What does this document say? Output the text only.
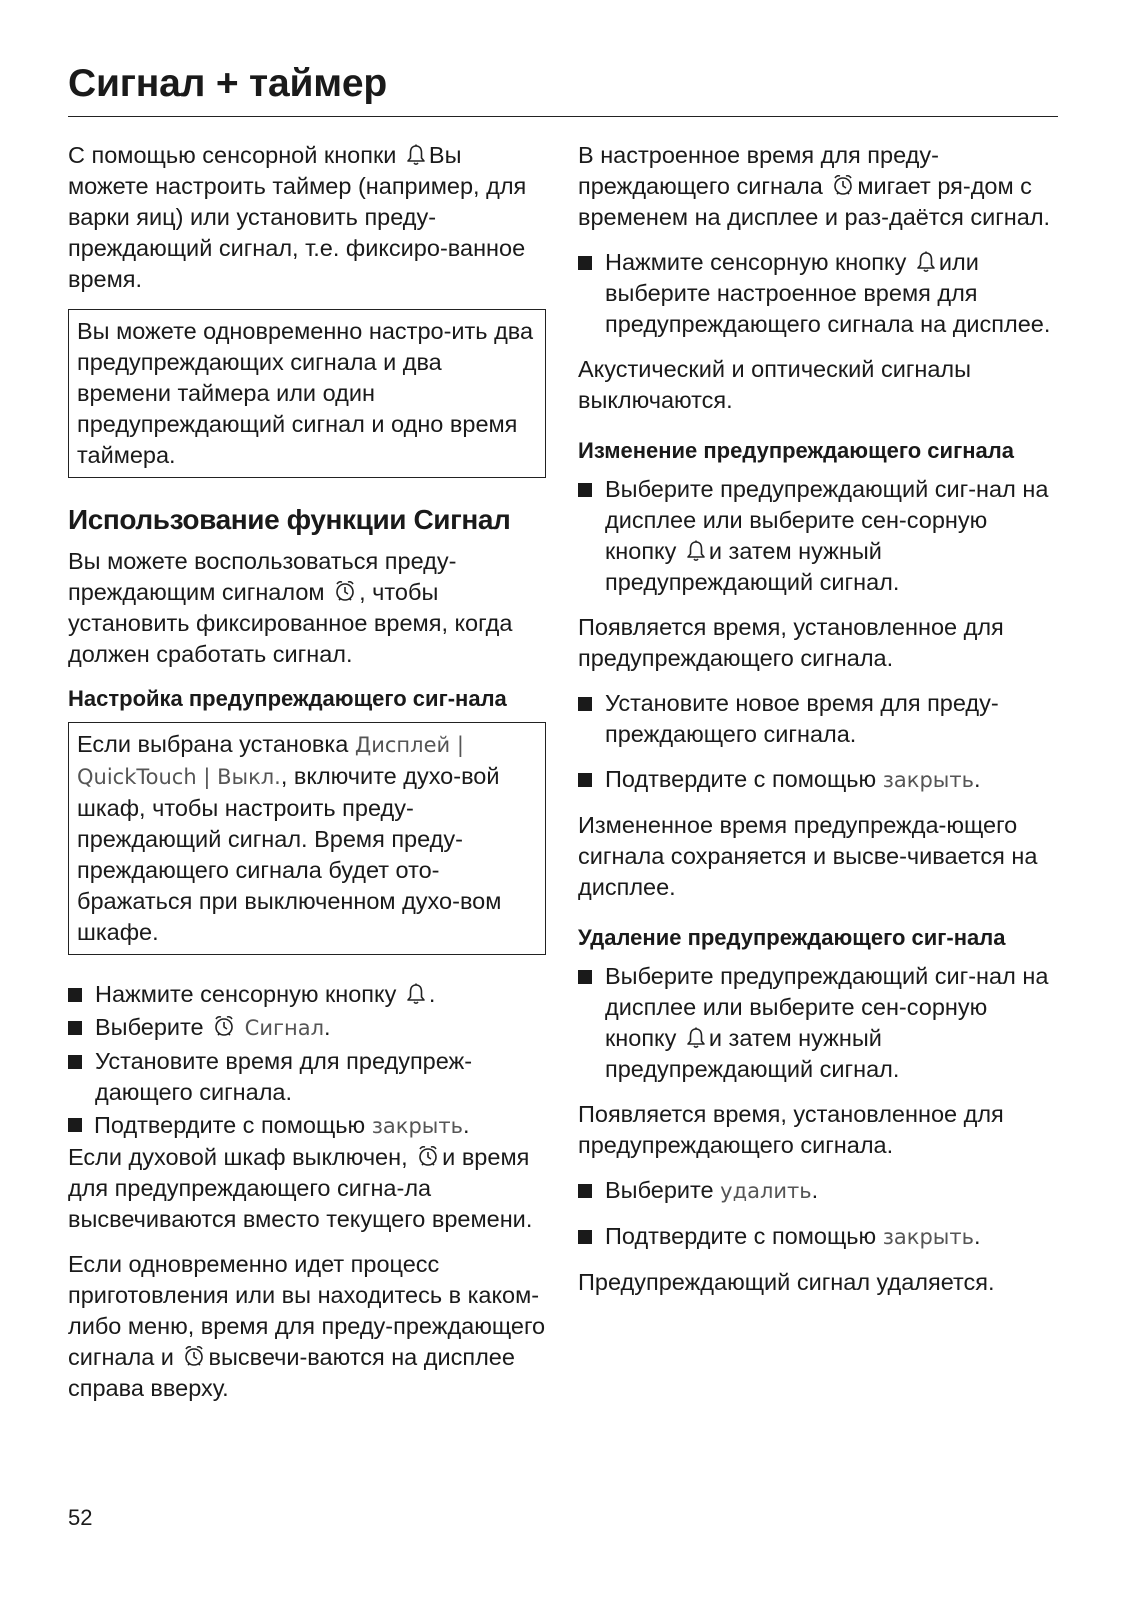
Сигнал + таймер

С помощью сенсорной кнопки Вы можете настроить таймер (например, для варки яиц) или установить преду-преждающий сигнал, т.е. фиксиро-ванное время.

Вы можете одновременно настро-ить два предупреждающих сигнала и два времени таймера или один предупреждающий сигнал и одно время таймера.
Использование функции Сигнал

Вы можете воспользоваться преду-преждающим сигналом , чтобы установить фиксированное время, когда должен сработать сигнал.

Настройка предупреждающего сиг-нала
Если выбрана установка Дисплей | QuickTouch | Выкл., включите духо-вой шкаф, чтобы настроить преду-преждающий сигнал. Время преду-преждающего сигнала будет ото-бражаться при выключенном духо-вом шкафе.
Нажмите сенсорную кнопку .
Выберите Сигнал.
Установите время для предупреж-дающего сигнала.
Подтвердите с помощью закрыть.

Если духовой шкаф выключен, и время для предупреждающего сигна-ла высвечиваются вместо текущего времени.

Если одновременно идет процесс приготовления или вы находитесь в каком-либо меню, время для преду-преждающего сигнала и высвечи-ваются на дисплее справа вверху.

В настроенное время для преду-преждающего сигнала мигает ря-дом с временем на дисплее и раз-даётся сигнал.

Нажмите сенсорную кнопку или выберите настроенное время для предупреждающего сигнала на дисплее.

Акустический и оптический сигналы выключаются.

Изменение предупреждающего сигнала
Выберите предупреждающий сиг-нал на дисплее или выберите сен-сорную кнопку и затем нужный предупреждающий сигнал.

Появляется время, установленное для предупреждающего сигнала.

Установите новое время для преду-преждающего сигнала.
Подтвердите с помощью закрыть.

Измененное время предупрежда-ющего сигнала сохраняется и высве-чивается на дисплее.

Удаление предупреждающего сиг-нала
Выберите предупреждающий сиг-нал на дисплее или выберите сен-сорную кнопку и затем нужный предупреждающий сигнал.

Появляется время, установленное для предупреждающего сигнала.

Выберите удалить.
Подтвердите с помощью закрыть.

Предупреждающий сигнал удаляется.

52
